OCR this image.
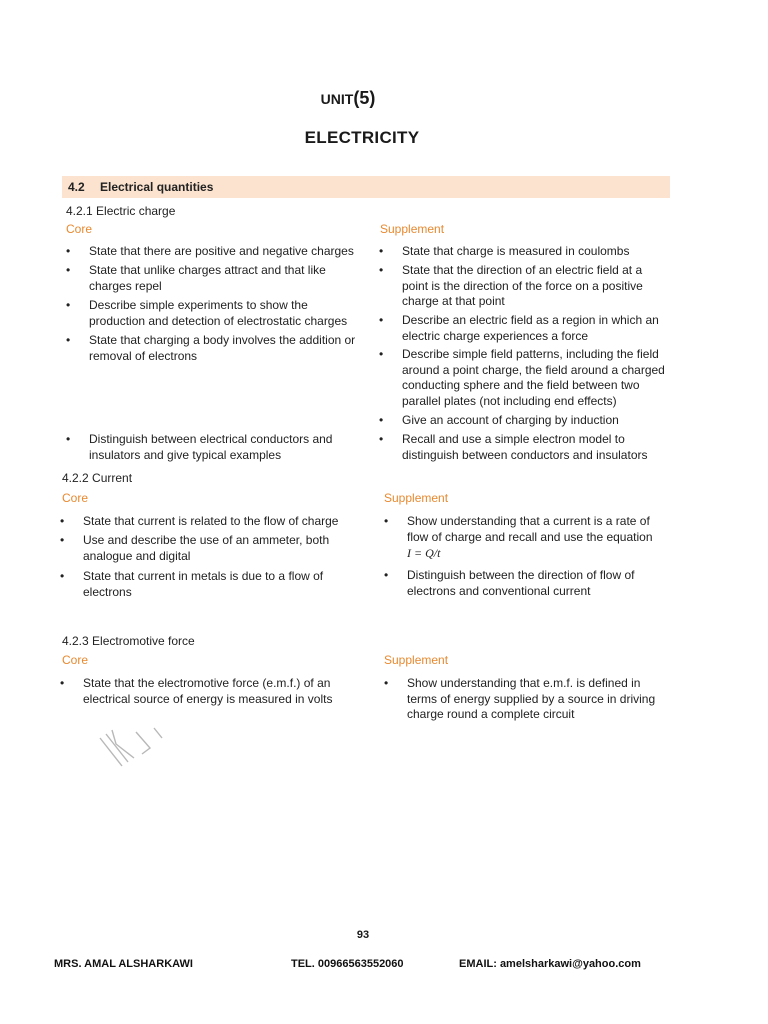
UNIT(5)
ELECTRICITY
4.2 Electrical quantities
4.2.1 Electric charge
Core	Supplement
• State that there are positive and negative charges
• State that unlike charges attract and that like charges repel
• Describe simple experiments to show the production and detection of electrostatic charges
• State that charging a body involves the addition or removal of electrons
• Distinguish between electrical conductors and insulators and give typical examples
• State that charge is measured in coulombs
• State that the direction of an electric field at a point is the direction of the force on a positive charge at that point
• Describe an electric field as a region in which an electric charge experiences a force
• Describe simple field patterns, including the field around a point charge, the field around a charged conducting sphere and the field between two parallel plates (not including end effects)
• Give an account of charging by induction
• Recall and use a simple electron model to distinguish between conductors and insulators
4.2.2 Current
Core	Supplement
• State that current is related to the flow of charge
• Use and describe the use of an ammeter, both analogue and digital
• State that current in metals is due to a flow of electrons
• Show understanding that a current is a rate of flow of charge and recall and use the equation
I = Q/t
• Distinguish between the direction of flow of electrons and conventional current
4.2.3 Electromotive force
Core	Supplement
• State that the electromotive force (e.m.f.) of an electrical source of energy is measured in volts
• Show understanding that e.m.f. is defined in terms of energy supplied by a source in driving charge round a complete circuit
93
MRS. AMAL ALSHARKAWI	TEL. 00966563552060	EMAIL: amelsharkawi@yahoo.com
